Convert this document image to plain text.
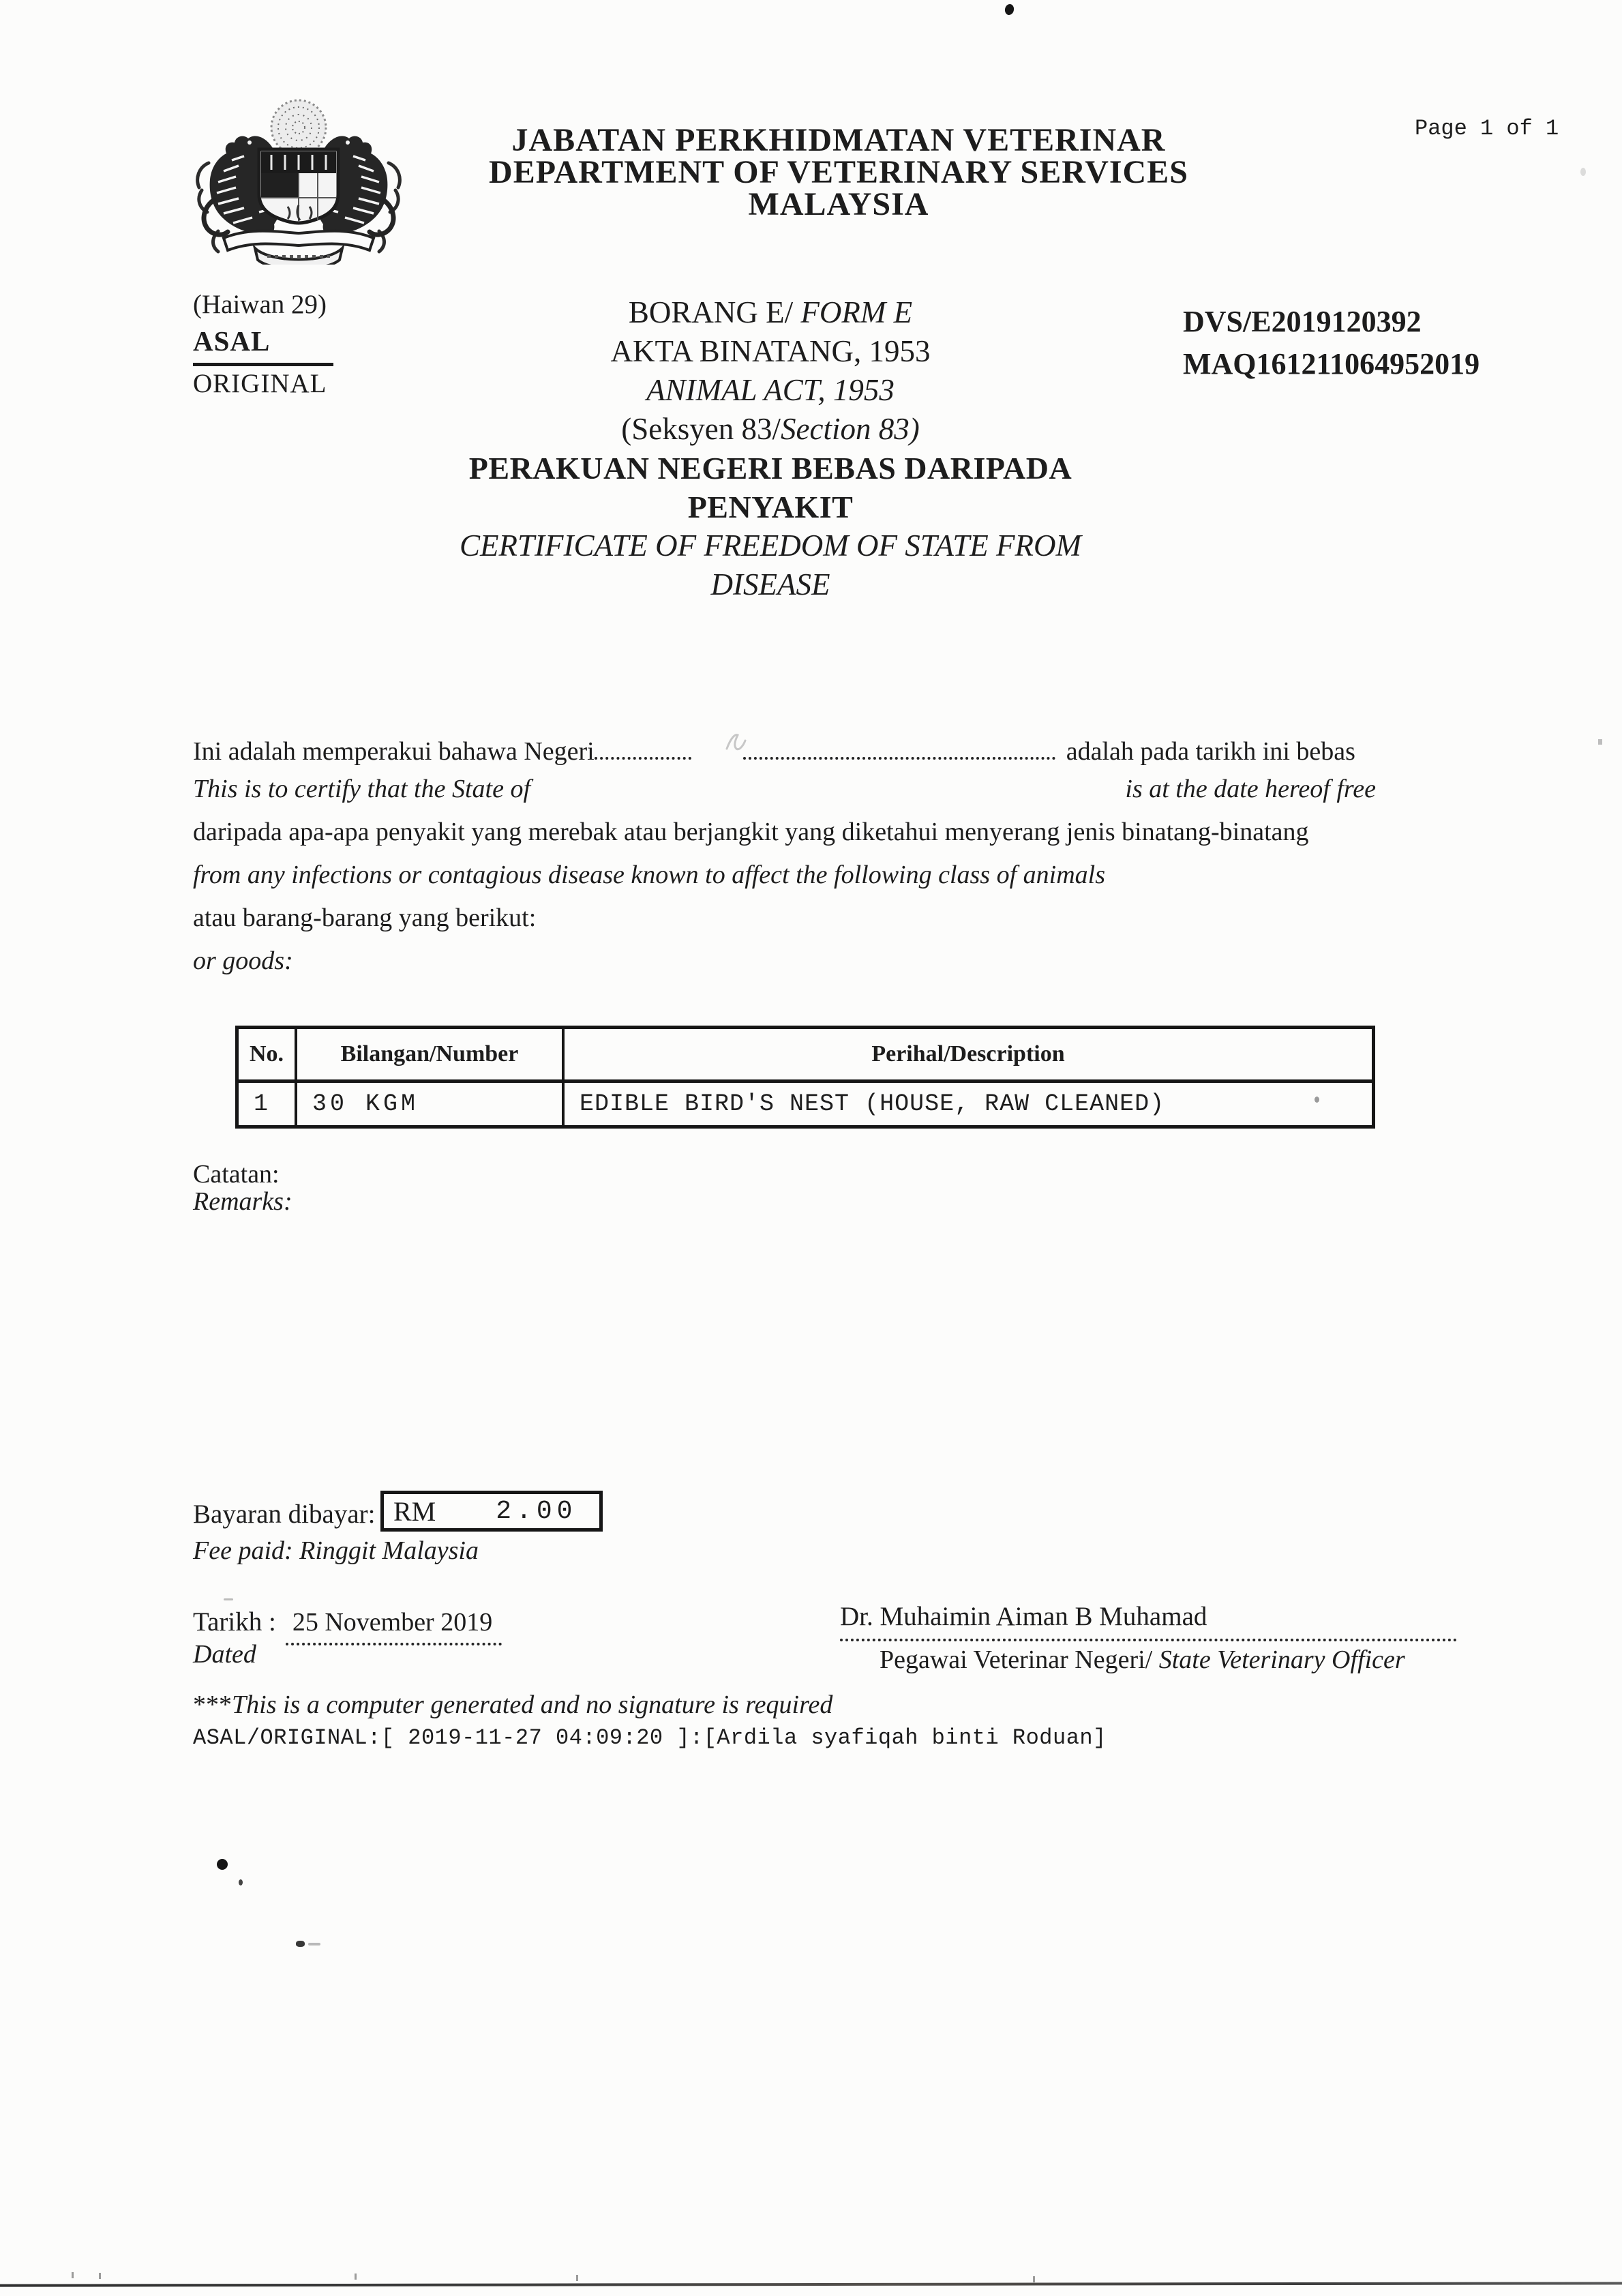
JABATAN PERKHIDMATAN VETERINAR
DEPARTMENT OF VETERINARY SERVICES
MALAYSIA
Page 1 of 1
(Haiwan 29)
ASAL
ORIGINAL
BORANG E/ FORM E
AKTA BINATANG, 1953
ANIMAL ACT, 1953
(Seksyen 83/Section 83)
PERAKUAN NEGERI BEBAS DARIPADA PENYAKIT
CERTIFICATE OF FREEDOM OF STATE FROM DISEASE
DVS/E2019120392
MAQ161211064952019
Ini adalah memperakui bahawa Negeri	adalah pada tarikh ini bebas
This is to certify that the State of	is at the date hereof free
daripada apa-apa penyakit yang merebak atau berjangkit yang diketahui menyerang jenis binatang-binatang
from any infections or contagious disease known to affect the following class of animals
atau barang-barang yang berikut:
or goods:
No.	Bilangan/Number	Perihal/Description
1	30 KGM	EDIBLE BIRD'S NEST (HOUSE, RAW CLEANED)
Catatan:
Remarks:
Bayaran dibayar: RM 2.00
Fee paid: Ringgit Malaysia
Tarikh : 25 November 2019
Dated
Dr. Muhaimin Aiman B Muhamad
Pegawai Veterinar Negeri/ State Veterinary Officer
***This is a computer generated and no signature is required
ASAL/ORIGINAL:[ 2019-11-27 04:09:20 ]:[Ardila syafiqah binti Roduan]
